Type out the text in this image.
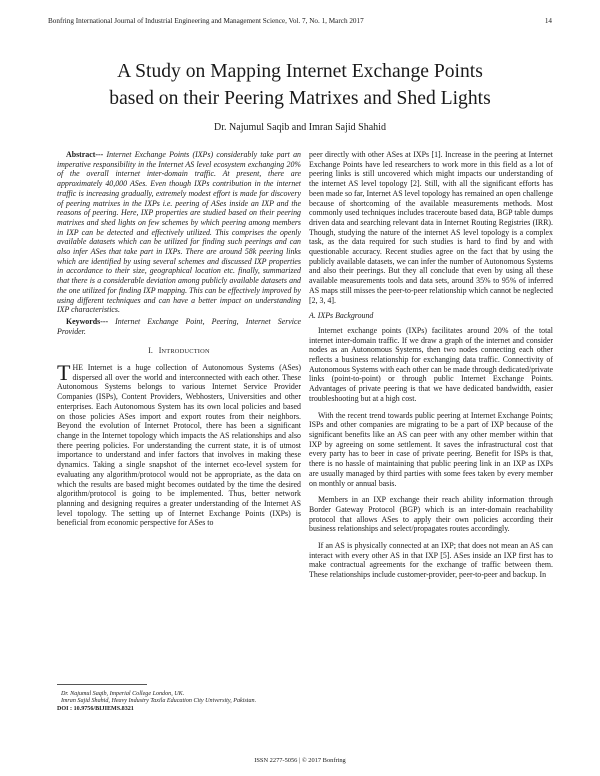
Bonfring International Journal of Industrial Engineering and Management Science, Vol. 7, No. 1, March 2017	14
A Study on Mapping Internet Exchange Points
based on their Peering Matrixes and Shed Lights
Dr. Najumul Saqib and Imran Sajid Shahid

Abstract--- Internet Exchange Points (IXPs) considerably take part an imperative responsibility in the Internet AS level ecosystem exchanging 20% of the overall internet inter-domain traffic. At present, there are approximately 40,000 ASes. Even though IXPs contribution in the internet traffic is increasing gradually, extremely modest effort is made for discovery of peering matrixes in the IXPs i.e. peering of ASes inside an IXP and the reasons of peering. Here, IXP properties are studied based on their peering matrixes and shed lights on few schemes by which peering among members in IXP can be detected and effectively utilized. This comprises the openly available datasets which can be utilized for finding such peerings and can also infer ASes that take part in IXPs. There are around 58k peering links which are identified by using several schemes and discussed IXP properties in accordance to their size, geographical location etc. finally, summarized that there is a considerable deviation among publicly available datasets and the one utilized for finding IXP mapping. This can be effectively improved by using different techniques and can have a better impact on understanding IXP characteristics.

Keywords--- Internet Exchange Point, Peering, Internet Service Provider.

I. INTRODUCTION

THE Internet is a huge collection of Autonomous Systems (ASes) dispersed all over the world and interconnected with each other. These Autonomous Systems belongs to various Internet Service Provider Companies (ISPs), Content Providers, Webhosters, Universities and other enterprises. Each Autonomous System has its own local policies and based on those policies ASes import and export routes from their neighbors. Beyond the evolution of Internet Protocol, there has been a significant change in the Internet topology which impacts the AS relationships and also there peering policies. For understanding the current state, it is of utmost importance to understand and infer factors that involves in making these dynamics. Taking a single snapshot of the internet eco-level system for evaluating any algorithm/protocol would not be appropriate, as the data on which the results are based might becomes outdated by the time the desired algorithm/protocol is going to be implemented. Thus, better network planning and designing requires a greater understanding of the Internet AS level topology. The setting up of Internet Exchange Points (IXPs) is beneficial from economic perspective for ASes to

Dr. Najumul Saqib, Imperial College London, UK.
Imran Sajid Shahid, Heavy Industry Taxila Education City University, Pakistan.
DOI : 10.9756/BIJIEMS.8321

peer directly with other ASes at IXPs [1]. Increase in the peering at Internet Exchange Points have led researchers to work more in this field as a lot of peering links is still uncovered which might impacts our understanding of the internet AS level topology [2]. Still, with all the significant efforts has been made so far, Internet AS level topology has remained an open challenge because of shortcoming of the available measurements methods. Most commonly used techniques includes traceroute based data, BGP table dumps driven data and searching relevant data in Internet Routing Registries (IRR). Though, studying the nature of the internet AS level topology is a complex task, as the data required for such studies is hard to find by and with questionable accuracy. Recent studies agree on the fact that by using the publicly available datasets, we can infer the number of Autonomous Systems and also their peerings. But they all conclude that even by using all these available measurements tools and data sets, around 35% to 95% of inferred AS maps still misses the peer-to-peer relationship which cannot be neglected [2, 3, 4].

A. IXPs Background

Internet exchange points (IXPs) facilitates around 20% of the total internet inter-domain traffic. If we draw a graph of the internet and consider nodes as an Autonomous Systems, then two nodes connecting each other reflects a business relationship for exchanging data traffic. Connectivity of Autonomous Systems with each other can be made through dedicated/private links (point-to-point) or through public Internet Exchange Points. Advantages of private peering is that we have dedicated bandwidth, easier troubleshooting but at a high cost.

With the recent trend towards public peering at Internet Exchange Points; ISPs and other companies are migrating to be a part of IXP because of the significant benefits like an AS can peer with any other member within that IXP by agreeing on some settlement. It saves the infrastructural cost that every party has to beer in case of private peering. Benefit for ISPs is that, there is no hassle of maintaining that public peering link in an IXP as IXPs are usually managed by third parties with some fees taken by every member on monthly or annual basis.

Members in an IXP exchange their reach ability information through Border Gateway Protocol (BGP) which is an inter-domain reachability protocol that allows ASes to apply their own policies according their business relationships and select/propagates routes accordingly.

If an AS is physically connected at an IXP; that does not mean an AS can interact with every other AS in that IXP [5]. ASes inside an IXP first has to make contractual agreements for the exchange of traffic between them. These relationships include customer-provider, peer-to-peer and backup. In

ISSN 2277-5056 | © 2017 Bonfring
